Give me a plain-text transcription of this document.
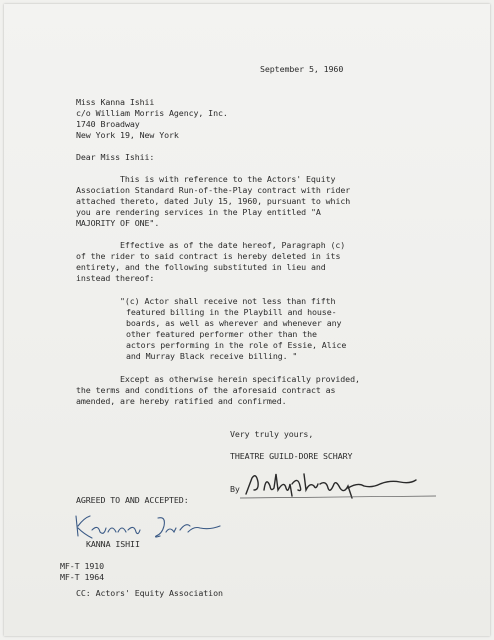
September 5, 1960
Miss Kanna Ishii
c/o William Morris Agency, Inc.
1740 Broadway
New York 19, New York
Dear Miss Ishii:
This is with reference to the Actors' Equity
Association Standard Run-of-the-Play contract with rider
attached thereto, dated July 15, 1960, pursuant to which
you are rendering services in the Play entitled "A
MAJORITY OF ONE".
Effective as of the date hereof, Paragraph (c)
of the rider to said contract is hereby deleted in its
entirety, and the following substituted in lieu and
instead thereof:
"(c) Actor shall receive not less than fifth
featured billing in the Playbill and house-
boards, as well as wherever and whenever any
other featured performer other than the
actors performing in the role of Essie, Alice
and Murray Black receive billing. "
Except as otherwise herein specifically provided,
the terms and conditions of the aforesaid contract as
amended, are hereby ratified and confirmed.
Very truly yours,
THEATRE GUILD-DORE SCHARY
By
AGREED TO AND ACCEPTED:
KANNA ISHII
MF-T 1910
MF-T 1964
CC: Actors' Equity Association
